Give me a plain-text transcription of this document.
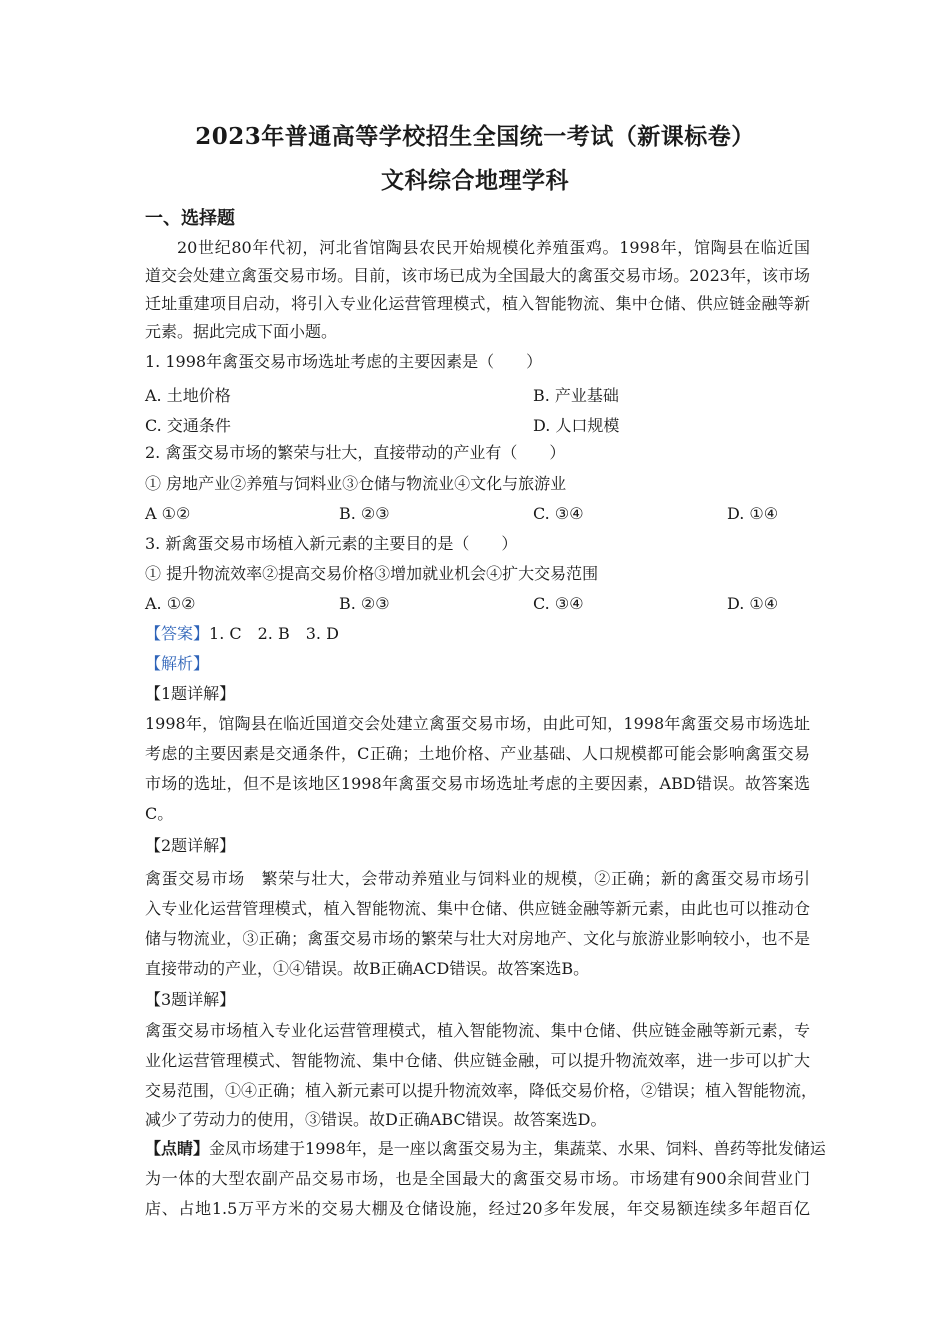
2023年普通高等学校招生全国统一考试（新课标卷）
文科综合地理学科
一、选择题
20世纪80年代初，河北省馆陶县农民开始规模化养殖蛋鸡。1998年，馆陶县在临近国
道交会处建立禽蛋交易市场。目前，该市场已成为全国最大的禽蛋交易市场。2023年，该市场
迁址重建项目启动，将引入专业化运营管理模式，植入智能物流、集中仓储、供应链金融等新
元素。据此完成下面小题。
1. 1998年禽蛋交易市场选址考虑的主要因素是（　　）
A. 土地价格	B. 产业基础
C. 交通条件	D. 人口规模
2. 禽蛋交易市场的繁荣与壮大，直接带动的产业有（　　）
① 房地产业②养殖与饲料业③仓储与物流业④文化与旅游业
A ①②	B. ②③	C. ③④	D. ①④
3. 新禽蛋交易市场植入新元素的主要目的是（　　）
① 提升物流效率②提高交易价格③增加就业机会④扩大交易范围
A. ①②	B. ②③	C. ③④	D. ①④
【答案】1. C　2. B　3. D
【解析】
【1题详解】
1998年，馆陶县在临近国道交会处建立禽蛋交易市场，由此可知，1998年禽蛋交易市场选址
考虑的主要因素是交通条件，C正确；土地价格、产业基础、人口规模都可能会影响禽蛋交易
市场的选址，但不是该地区1998年禽蛋交易市场选址考虑的主要因素，ABD错误。故答案选
C。
【2题详解】
禽蛋交易市场　繁荣与壮大，会带动养殖业与饲料业的规模，②正确；新的禽蛋交易市场引
入专业化运营管理模式，植入智能物流、集中仓储、供应链金融等新元素，由此也可以推动仓
储与物流业，③正确；禽蛋交易市场的繁荣与壮大对房地产、文化与旅游业影响较小，也不是
直接带动的产业，①④错误。故B正确ACD错误。故答案选B。
【3题详解】
禽蛋交易市场植入专业化运营管理模式，植入智能物流、集中仓储、供应链金融等新元素，专
业化运营管理模式、智能物流、集中仓储、供应链金融，可以提升物流效率，进一步可以扩大
交易范围，①④正确；植入新元素可以提升物流效率，降低交易价格，②错误；植入智能物流，
减少了劳动力的使用，③错误。故D正确ABC错误。故答案选D。
【点睛】金凤市场建于1998年，是一座以禽蛋交易为主，集蔬菜、水果、饲料、兽药等批发储运
为一体的大型农副产品交易市场，也是全国最大的禽蛋交易市场。市场建有900余间营业门
店、占地1.5万平方米的交易大棚及仓储设施，经过20多年发展，年交易额连续多年超百亿
